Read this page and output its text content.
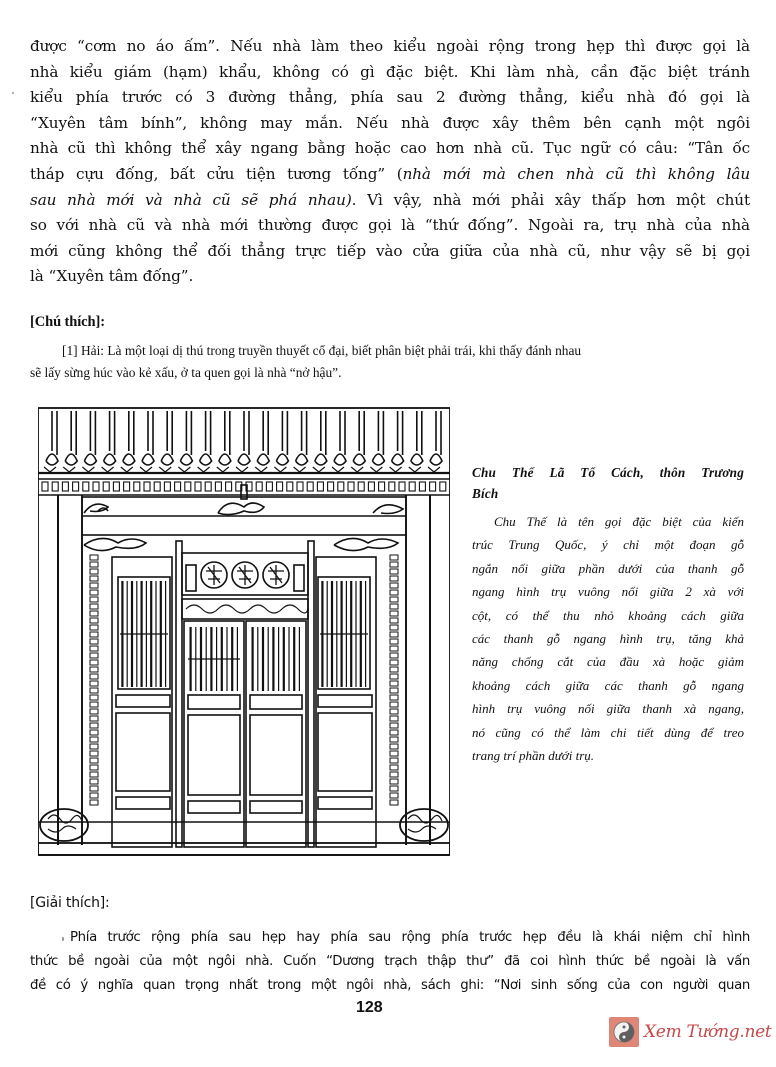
được “cơm no áo ấm”. Nếu nhà làm theo kiểu ngoài rộng trong hẹp thì được gọi là
nhà kiểu giám (hạm) khẩu, không có gì đặc biệt. Khi làm nhà, cần đặc biệt tránh
kiểu phía trước có 3 đường thẳng, phía sau 2 đường thẳng, kiểu nhà đó gọi là
“Xuyên tâm bính”, không may mắn. Nếu nhà được xây thêm bên cạnh một ngôi
nhà cũ thì không thể xây ngang bằng hoặc cao hơn nhà cũ. Tục ngữ có câu: “Tân ốc
tháp cựu đống, bất cửu tiện tương tống” (nhà mới mà chen nhà cũ thì không lâu
sau nhà mới và nhà cũ sẽ phá nhau). Vì vậy, nhà mới phải xây thấp hơn một chút
so với nhà cũ và nhà mới thường được gọi là “thứ đống”. Ngoài ra, trụ nhà của nhà
mới cũng không thể đối thẳng trực tiếp vào cửa giữa của nhà cũ, như vậy sẽ bị gọi
là “Xuyên tâm đống”.
[Chú thích]:
[1] Hải: Là một loại dị thú trong truyền thuyết cổ đại, biết phân biệt phải trái, khi thấy đánh nhau
sẽ lấy sừng húc vào kẻ xấu, ở ta quen gọi là nhà “nở hậu”.
Chu Thế Lã Tổ Cách, thôn Trương
Bích
Chu Thế là tên gọi đặc biệt của kiến
trúc Trung Quốc, ý chỉ một đoạn gỗ
ngắn nối giữa phần dưới của thanh gỗ
ngang hình trụ vuông nối giữa 2 xà với
cột, có thể thu nhỏ khoảng cách giữa
các thanh gỗ ngang hình trụ, tăng khả
năng chống cắt của đầu xà hoặc giảm
khoảng cách giữa các thanh gỗ ngang
hình trụ vuông nối giữa thanh xà ngang,
nó cũng có thể làm chi tiết dùng để treo
trang trí phần dưới trụ.
[Giải thích]:
Phía trước rộng phía sau hẹp hay phía sau rộng phía trước hẹp đều là khái niệm chỉ hình
thức bề ngoài của một ngôi nhà. Cuốn “Dương trạch thập thư” đã coi hình thức bề ngoài là vấn
đề có ý nghĩa quan trọng nhất trong một ngôi nhà, sách ghi: “Nơi sinh sống của con người quan
128
Xem Tướng.net
